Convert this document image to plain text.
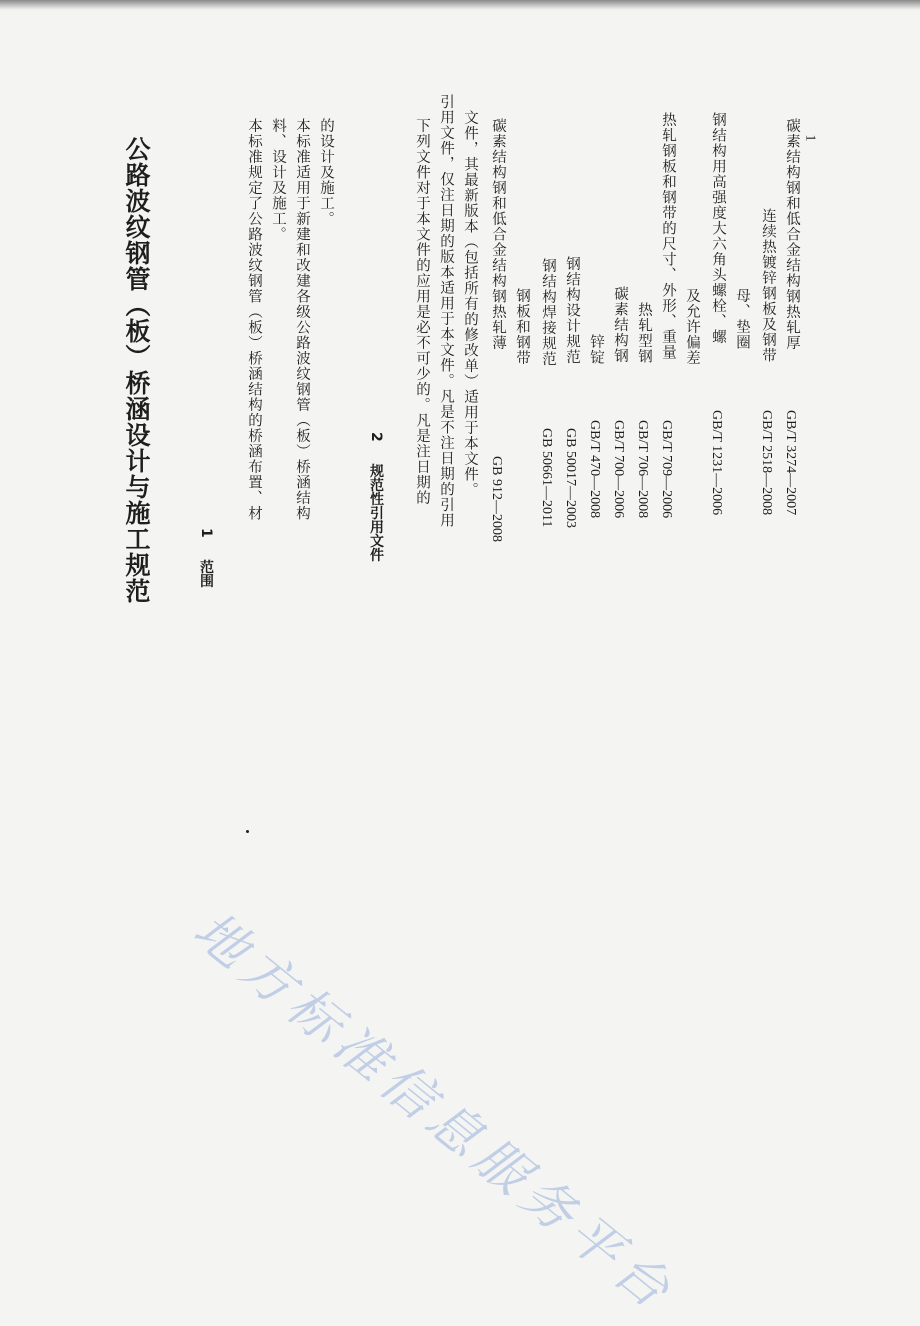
公路波纹钢管（板）桥涵设计与施工规范	1范围
本标准规定了公路波纹钢管（板）桥涵结构的桥涵布置、材 料、设计及施工。 本标准适用于新建和改建各级公路波纹钢管（板）桥涵结构 的设计及施工。
2规范性引用文件
下列文件对于本文件的应用是必不可少的。凡是注日期的 引用文件，仅注日期的版本适用于本文件。凡是不注日期的引用 文件，其最新版本（包括所有的修改单）适用于本文件。
GB 912—2008
碳素结构钢和低合金结构钢热轧薄 钢板和钢带
GB 50661—2011
钢结构焊接规范
GB 50017—2003
钢结构设计规范
GB/T 470—2008
锌锭
GB/T 700—2006
碳素结构钢
GB/T 706—2008
热轧型钢
GB/T 709—2006
热轧钢板和钢带的尺寸、外形、重量 及允许偏差
GB/T 1231—2006
钢结构用高强度大六角头螺栓、螺 母、垫圈
GB/T 2518—2008
连续热镀锌钢板及钢带
GB/T 3274—2007
碳素结构钢和低合金结构钢热轧厚 1
地方标准信息服务平台
